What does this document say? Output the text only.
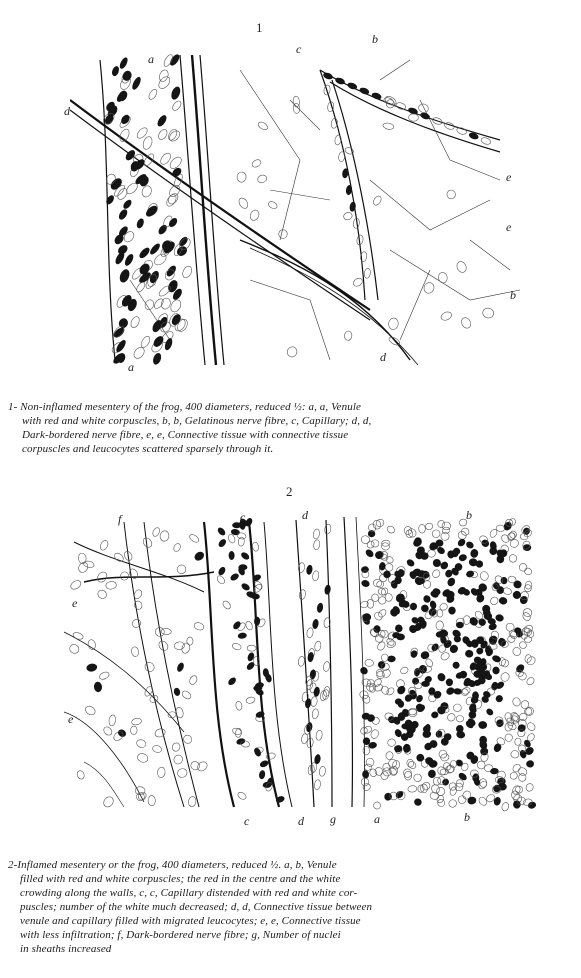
1
a
c
b
d
e
e
b
d
a
1- Non-inflamed mesentery of the frog, 400 diameters, reduced ½: a, a, Venule
with red and white corpuscles, b, b, Gelatinous nerve fibre, c, Capillary; d, d,
Dark-bordered nerve fibre, e, e, Connective tissue with connective tissue
corpuscles and leucocytes scattered sparsely through it.
2
f	c	d	b
e
e
c	d g	a	b
2-Inflamed mesentery or the frog, 400 diameters, reduced ½. a, b, Venule
filled with red and white corpuscles; the red in the centre and the white
crowding along the walls, c, c, Capillary distended with red and white cor-
puscles; number of the white much decreased; d, d, Connective tissue between
venule and capillary filled with migrated leucocytes; e, e, Connective tissue
with less infiltration; f, Dark-bordered nerve fibre; g, Number of nuclei
in sheaths increased
